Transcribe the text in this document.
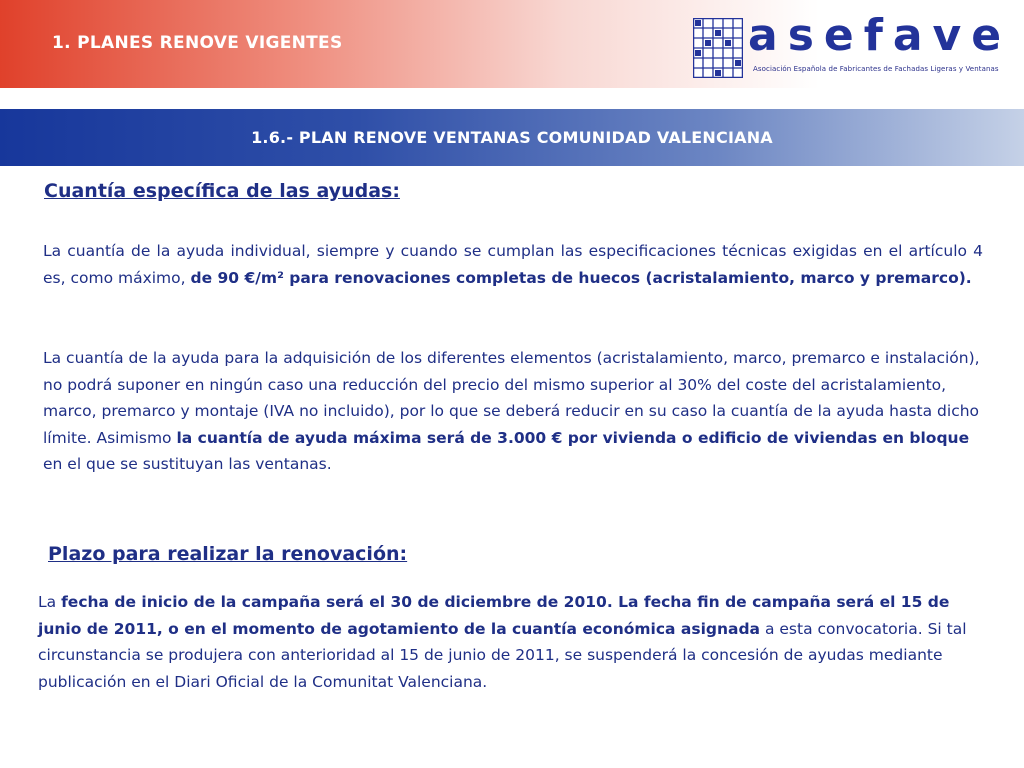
1. PLANES RENOVE VIGENTES	asefave
Asociación Española de Fabricantes de Fachadas Ligeras y Ventanas
1.6.- PLAN RENOVE VENTANAS COMUNIDAD VALENCIANA
Cuantía específica de las ayudas:
La cuantía de la ayuda individual, siempre y cuando se cumplan las especificaciones técnicas exigidas en el artículo 4 es, como máximo, de 90 €/m² para renovaciones completas de huecos (acristalamiento, marco y premarco).
La cuantía de la ayuda para la adquisición de los diferentes elementos (acristalamiento, marco, premarco e instalación), no podrá suponer en ningún caso una reducción del precio del mismo superior al 30% del coste del acristalamiento, marco, premarco y montaje (IVA no incluido), por lo que se deberá reducir en su caso la cuantía de la ayuda hasta dicho límite. Asimismo la cuantía de ayuda máxima será de 3.000 € por vivienda o edificio de viviendas en bloque en el que se sustituyan las ventanas.
Plazo para realizar la renovación:
La fecha de inicio de la campaña será el 30 de diciembre de 2010. La fecha fin de campaña será el 15 de junio de 2011, o en el momento de agotamiento de la cuantía económica asignada a esta convocatoria. Si tal circunstancia se produjera con anterioridad al 15 de junio de 2011, se suspenderá la concesión de ayudas mediante publicación en el Diari Oficial de la Comunitat Valenciana.
